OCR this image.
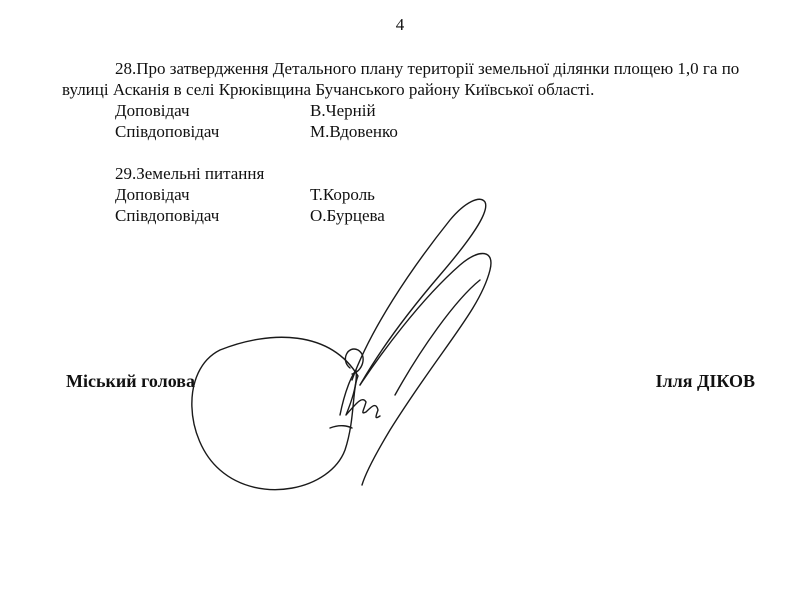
4
28.Про затвердження Детального плану території земельної ділянки площею 1,0 га по
вулиці Асканія в селі Крюківщина Бучанського району Київської області.
Доповідач	В.Черній
Співдоповідач	М.Вдовенко
29.Земельні питання
Доповідач	Т.Король
Співдоповідач	О.Бурцева
Міський голова	Ілля ДІКОВ
